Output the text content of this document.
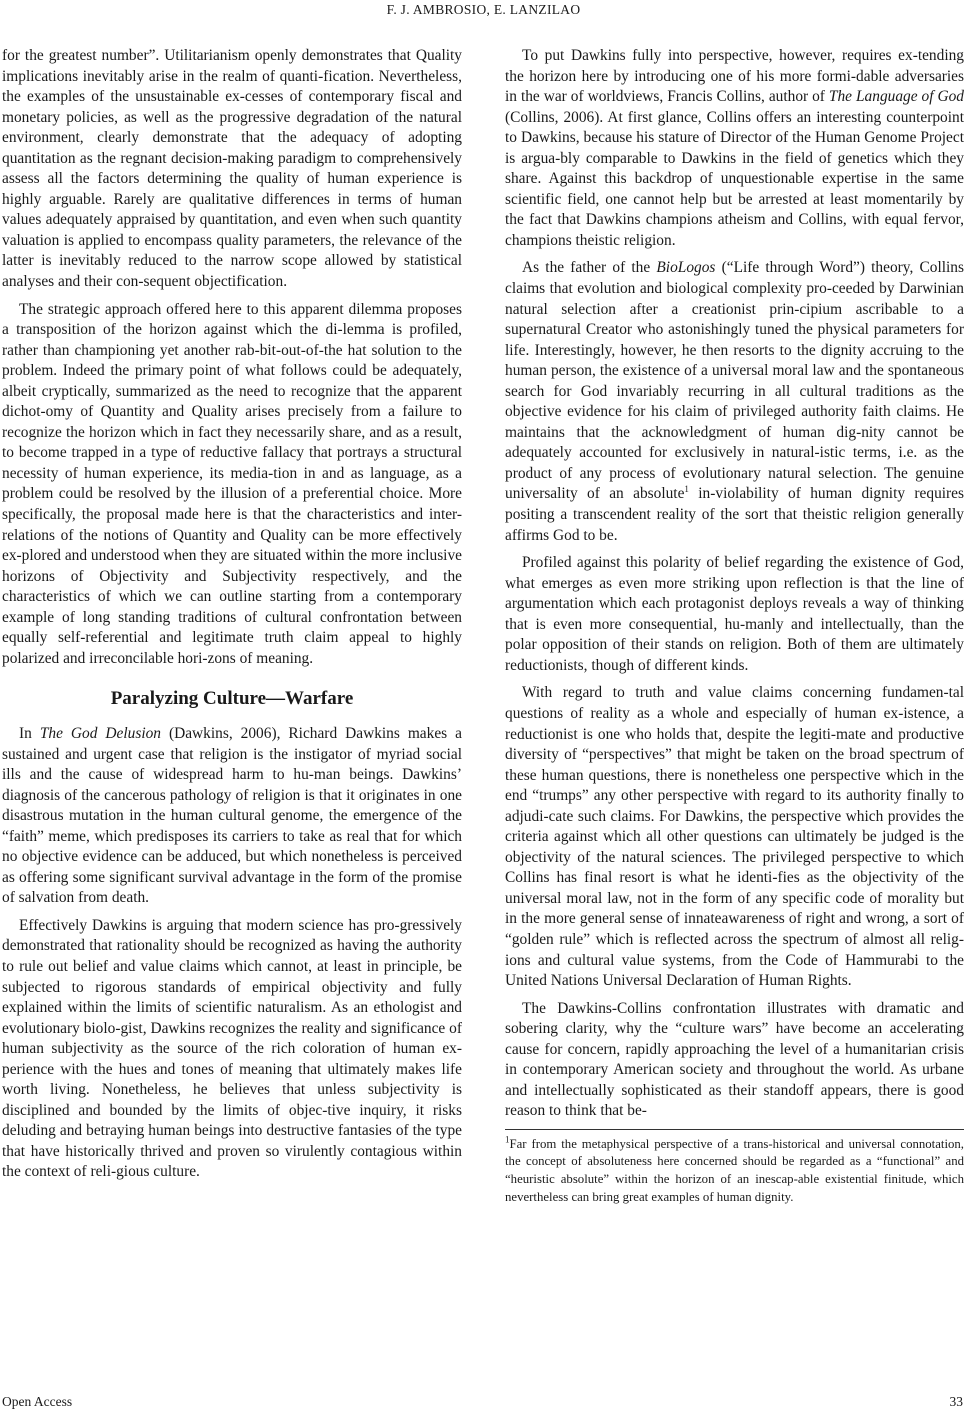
F. J. AMBROSIO, E. LANZILAO

for the greatest number”. Utilitarianism openly demonstrates that Quality implications inevitably arise in the realm of quanti-fication. Nevertheless, the examples of the unsustainable ex-cesses of contemporary fiscal and monetary policies, as well as the progressive degradation of the natural environment, clearly demonstrate that the adequacy of adopting quantitation as the regnant decision-making paradigm to comprehensively assess all the factors determining the quality of human experience is highly arguable. Rarely are qualitative differences in terms of human values adequately appraised by quantitation, and even when such quantity valuation is applied to encompass quality parameters, the relevance of the latter is inevitably reduced to the narrow scope allowed by statistical analyses and their con-sequent objectification.

The strategic approach offered here to this apparent dilemma proposes a transposition of the horizon against which the di-lemma is profiled, rather than championing yet another rab-bit-out-of-the hat solution to the problem. Indeed the primary point of what follows could be adequately, albeit cryptically, summarized as the need to recognize that the apparent dichot-omy of Quantity and Quality arises precisely from a failure to recognize the horizon which in fact they necessarily share, and as a result, to become trapped in a type of reductive fallacy that portrays a structural necessity of human experience, its media-tion in and as language, as a problem could be resolved by the illusion of a preferential choice. More specifically, the proposal made here is that the characteristics and inter-relations of the notions of Quantity and Quality can be more effectively ex-plored and understood when they are situated within the more inclusive horizons of Objectivity and Subjectivity respectively, and the characteristics of which we can outline starting from a contemporary example of long standing traditions of cultural confrontation between equally self-referential and legitimate truth claim appeal to highly polarized and irreconcilable hori-zons of meaning.

Paralyzing Culture—Warfare

In The God Delusion (Dawkins, 2006), Richard Dawkins makes a sustained and urgent case that religion is the instigator of myriad social ills and the cause of widespread harm to hu-man beings. Dawkins’ diagnosis of the cancerous pathology of religion is that it originates in one disastrous mutation in the human cultural genome, the emergence of the “faith” meme, which predisposes its carriers to take as real that for which no objective evidence can be adduced, but which nonetheless is perceived as offering some significant survival advantage in the form of the promise of salvation from death.

Effectively Dawkins is arguing that modern science has pro-gressively demonstrated that rationality should be recognized as having the authority to rule out belief and value claims which cannot, at least in principle, be subjected to rigorous standards of empirical objectivity and fully explained within the limits of scientific naturalism. As an ethologist and evolutionary biolo-gist, Dawkins recognizes the reality and significance of human subjectivity as the source of the rich coloration of human ex-perience with the hues and tones of meaning that ultimately makes life worth living. Nonetheless, he believes that unless subjectivity is disciplined and bounded by the limits of objec-tive inquiry, it risks deluding and betraying human beings into destructive fantasies of the type that have historically thrived and proven so virulently contagious within the context of reli-gious culture.

To put Dawkins fully into perspective, however, requires ex-tending the horizon here by introducing one of his more formi-dable adversaries in the war of worldviews, Francis Collins, author of The Language of God (Collins, 2006). At first glance, Collins offers an interesting counterpoint to Dawkins, because his stature of Director of the Human Genome Project is argua-bly comparable to Dawkins in the field of genetics which they share. Against this backdrop of unquestionable expertise in the same scientific field, one cannot help but be arrested at least momentarily by the fact that Dawkins champions atheism and Collins, with equal fervor, champions theistic religion.

As the father of the BioLogos (“Life through Word”) theory, Collins claims that evolution and biological complexity pro-ceeded by Darwinian natural selection after a creationist prin-cipium ascribable to a supernatural Creator who astonishingly tuned the physical parameters for life. Interestingly, however, he then resorts to the dignity accruing to the human person, the existence of a universal moral law and the spontaneous search for God invariably recurring in all cultural traditions as the objective evidence for his claim of privileged authority faith claims. He maintains that the acknowledgment of human dig-nity cannot be adequately accounted for exclusively in natural-istic terms, i.e. as the product of any process of evolutionary natural selection. The genuine universality of an absolute$^1$ in-violability of human dignity requires positing a transcendent reality of the sort that theistic religion generally affirms God to be.

Profiled against this polarity of belief regarding the existence of God, what emerges as even more striking upon reflection is that the line of argumentation which each protagonist deploys reveals a way of thinking that is even more consequential, hu-manly and intellectually, than the polar opposition of their stands on religion. Both of them are ultimately reductionists, though of different kinds.

With regard to truth and value claims concerning fundamen-tal questions of reality as a whole and especially of human ex-istence, a reductionist is one who holds that, despite the legiti-mate and productive diversity of “perspectives” that might be taken on the broad spectrum of these human questions, there is nonetheless one perspective which in the end “trumps” any other perspective with regard to its authority finally to adjudi-cate such claims. For Dawkins, the perspective which provides the criteria against which all other questions can ultimately be judged is the objectivity of the natural sciences. The privileged perspective to which Collins has final resort is what he identi-fies as the objectivity of the universal moral law, not in the form of any specific code of morality but in the more general sense of innateawareness of right and wrong, a sort of “golden rule” which is reflected across the spectrum of almost all relig-ions and cultural value systems, from the Code of Hammurabi to the United Nations Universal Declaration of Human Rights.

The Dawkins-Collins confrontation illustrates with dramatic and sobering clarity, why the “culture wars” have become an accelerating cause for concern, rapidly approaching the level of a humanitarian crisis in contemporary American society and throughout the world. As urbane and intellectually sophisticated as their standoff appears, there is good reason to think that be-

$^1$Far from the metaphysical perspective of a trans-historical and universal connotation, the concept of absoluteness here concerned should be regarded as a “functional” and “heuristic absolute” within the horizon of an inescap-able existential finitude, which nevertheless can bring great examples of human dignity.
Open Access	33
